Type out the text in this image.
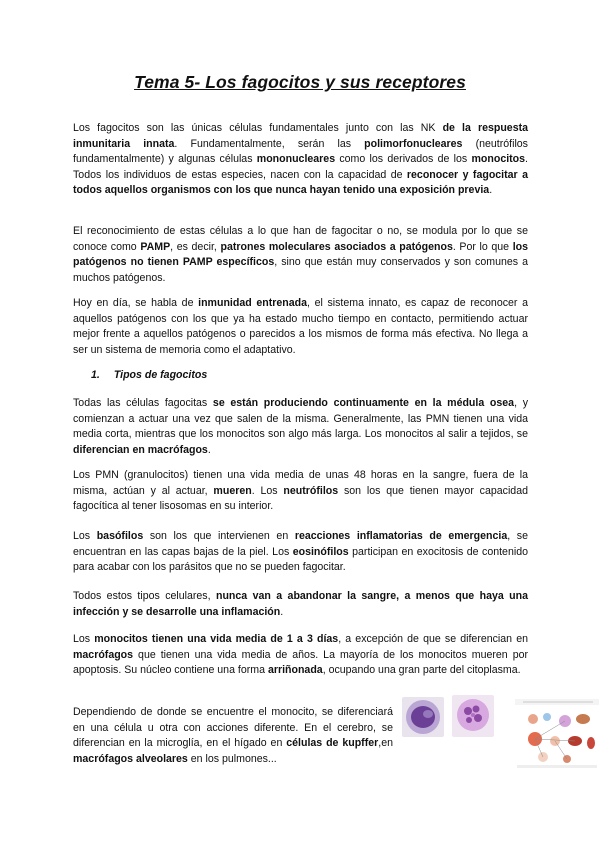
Tema 5- Los fagocitos y sus receptores

Los fagocitos son las únicas células fundamentales junto con las NK de la respuesta inmunitaria innata. Fundamentalmente, serán las polimorfonucleares (neutrófilos fundamentalmente) y algunas células mononucleares como los derivados de los monocitos. Todos los individuos de estas especies, nacen con la capacidad de reconocer y fagocitar a todos aquellos organismos con los que nunca hayan tenido una exposición previa.

El reconocimiento de estas células a lo que han de fagocitar o no, se modula por lo que se conoce como PAMP, es decir, patrones moleculares asociados a patógenos. Por lo que los patógenos no tienen PAMP específicos, sino que están muy conservados y son comunes a muchos patógenos.

Hoy en día, se habla de inmunidad entrenada, el sistema innato, es capaz de reconocer a aquellos patógenos con los que ya ha estado mucho tiempo en contacto, permitiendo actuar mejor frente a aquellos patógenos o parecidos a los mismos de forma más efectiva. No llega a ser un sistema de memoria como el adaptativo.

1. Tipos de fagocitos

Todas las células fagocitas se están produciendo continuamente en la médula osea, y comienzan a actuar una vez que salen de la misma. Generalmente, las PMN tienen una vida media corta, mientras que los monocitos son algo más larga. Los monocitos al salir a tejidos, se diferencian en macrófagos.

Los PMN (granulocitos) tienen una vida media de unas 48 horas en la sangre, fuera de la misma, actúan y al actuar, mueren. Los neutrófilos son los que tienen mayor capacidad fagocítica al tener lisosomas en su interior.

Los basófilos son los que intervienen en reacciones inflamatorias de emergencia, se encuentran en las capas bajas de la piel. Los eosinófilos participan en exocitosis de contenido para acabar con los parásitos que no se pueden fagocitar.

Todos estos tipos celulares, nunca van a abandonar la sangre, a menos que haya una infección y se desarrolle una inflamación.

Los monocitos tienen una vida media de 1 a 3 días, a excepción de que se diferencian en macrófagos que tienen una vida media de años. La mayoría de los monocitos mueren por apoptosis. Su núcleo contiene una forma arriñonada, ocupando una gran parte del citoplasma.

Dependiendo de donde se encuentre el monocito, se diferenciará en una célula u otra con acciones diferente. En el cerebro, se diferencian en la microglía, en el hígado en células de kupffer,en macrófagos alveolares en los pulmones...
